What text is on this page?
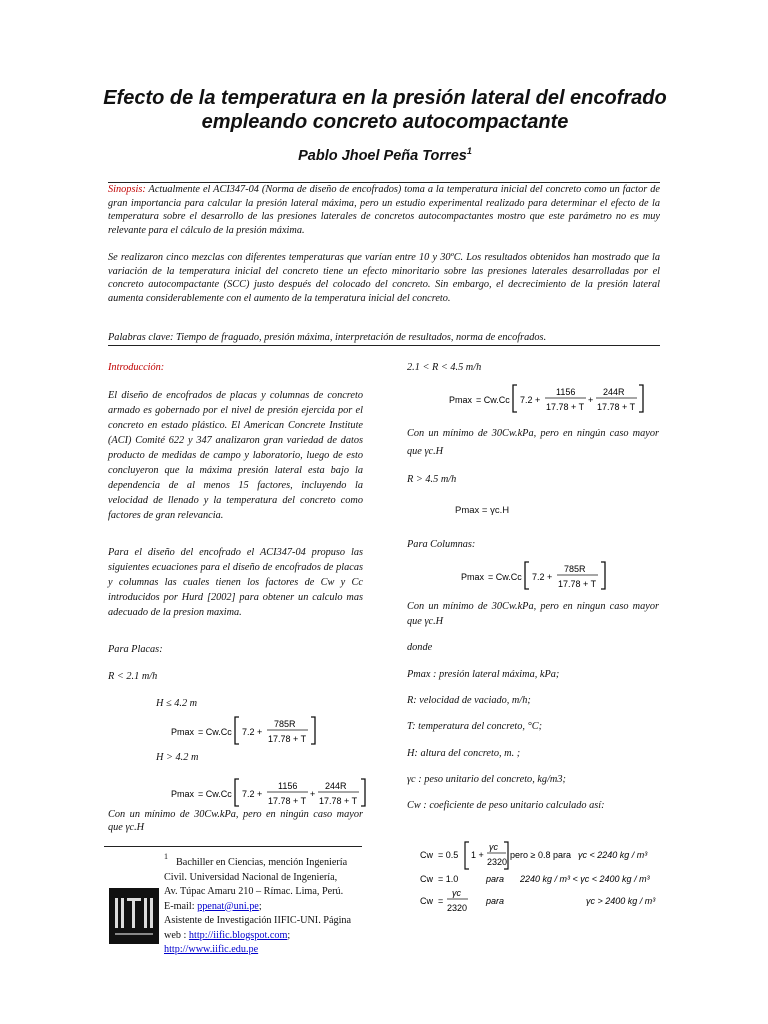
Efecto de la temperatura en la presión lateral del encofrado empleando concreto autocompactante
Pablo Jhoel Peña Torres$^1$
Sinopsis: Actualmente el ACI347-04 (Norma de diseño de encofrados) toma a la temperatura inicial del concreto como un factor de gran importancia para calcular la presión lateral máxima, pero un estudio experimental realizado para determinar el efecto de la temperatura sobre el desarrollo de las presiones laterales de concretos autocompactantes mostro que este parámetro no es muy relevante para el cálculo de la presión máxima.
Se realizaron cinco mezclas con diferentes temperaturas que varían entre 10 y 30ºC. Los resultados obtenidos han mostrado que la variación de la temperatura inicial del concreto tiene un efecto minoritario sobre las presiones laterales desarrolladas por el concreto autocompactante (SCC) justo después del colocado del concreto. Sin embargo, el decrecimiento de la presión lateral aumenta considerablemente con el aumento de la temperatura inicial del concreto.
Palabras clave: Tiempo de fraguado, presión máxima, interpretación de resultados, norma de encofrados.
Introducción:
El diseño de encofrados de placas y columnas de concreto armado es gobernado por el nivel de presión ejercida por el concreto en estado plástico. El American Concrete Institute (ACI) Comité 622 y 347 analizaron gran variedad de datos producto de medidas de campo y laboratorio, luego de esto concluyeron que la máxima presión lateral esta bajo la dependencia de al menos 15 factores, incluyendo la velocidad de llenado y la temperatura del concreto como factores de gran relevancia.
Para el diseño del encofrado el ACI347-04 propuso las siguientes ecuaciones para el diseño de encofrados de placas y columnas las cuales tienen los factores de Cw y Cc introducidos por Hurd [2002] para obtener un calculo mas adecuado de la presion maxima.
Para Placas:
R < 2.1 m/h
H ≤ 4.2 m
Pmax = Cw.Cc 7.2 +
785R
17.78 + T
H > 4.2 m
Pmax = Cw.Cc 7.2 +
1156
17.78 + T
+
244R
17.78 + T
Con un mínimo de 30Cw.kPa, pero en ningún caso mayor que γc.H
2.1 < R < 4.5 m/h
Pmax = Cw.Cc 7.2 +
1156
17.78 + T
+
244R
17.78 + T
Con un mínimo de 30Cw.kPa, pero en ningún caso mayor que γc.H
R > 4.5 m/h
Pmax = γc.H
Para Columnas:
Pmax = Cw.Cc 7.2 +
785R
17.78 + T
Con un mínimo de 30Cw.kPa, pero en ningun caso mayor que γc.H
donde
Pmax : presión lateral máxima, kPa;
R: velocidad de vaciado, m/h;
T: temperatura del concreto, °C;
H: altura del concreto, m. ;
γc : peso unitario del concreto, kg/m3;
Cw : coeficiente de peso unitario calculado así:
Cw = 0.5 1 +
γc
2320
pero ≥ 0.8 para γc < 2240 kg / m³
Cw = 1.0	para 2240 kg / m³ < γc < 2400 kg / m³
Cw =
γc
2320
para	γc > 2400 kg / m³
1
Bachiller en Ciencias, mención Ingeniería
Civil. Universidad Nacional de Ingeniería,
Av. Túpac Amaru 210 – Rímac. Lima, Perú.
E-mail: ppenat@uni.pe;
Asistente de Investigación IIFIC-UNI. Página
web : http://iific.blogspot.com;
http://www.iific.edu.pe
